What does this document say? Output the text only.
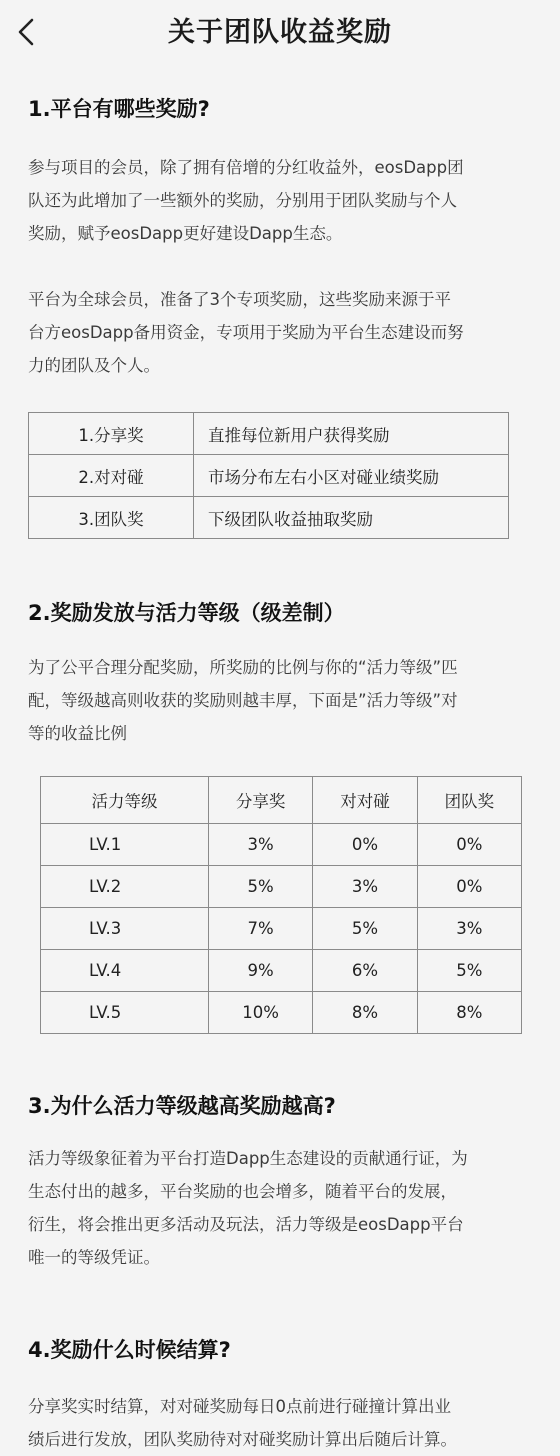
关于团队收益奖励
1.平台有哪些奖励?

参与项目的会员，除了拥有倍增的分红收益外，eosDapp团
队还为此增加了一些额外的奖励，分别用于团队奖励与个人
奖励，赋予eosDapp更好建设Dapp生态。

平台为全球会员，准备了3个专项奖励，这些奖励来源于平
台方eosDapp备用资金，专项用于奖励为平台生态建设而努
力的团队及个人。

1.分享奖	直推每位新用户获得奖励
2.对对碰	市场分布左右小区对碰业绩奖励
3.团队奖	下级团队收益抽取奖励
2.奖励发放与活力等级（级差制）

为了公平合理分配奖励，所奖励的比例与你的“活力等级”匹
配，等级越高则收获的奖励则越丰厚，下面是”活力等级”对
等的收益比例

活力等级	分享奖	对对碰	团队奖
LV.1	3%	0%	0%
LV.2	5%	3%	0%
LV.3	7%	5%	3%
LV.4	9%	6%	5%
LV.5	10%	8%	8%
3.为什么活力等级越高奖励越高?

活力等级象征着为平台打造Dapp生态建设的贡献通行证，为
生态付出的越多，平台奖励的也会增多，随着平台的发展，
衍生，将会推出更多活动及玩法，活力等级是eosDapp平台
唯一的等级凭证。

4.奖励什么时候结算?

分享奖实时结算，对对碰奖励每日0点前进行碰撞计算出业
绩后进行发放，团队奖励待对对碰奖励计算出后随后计算。
